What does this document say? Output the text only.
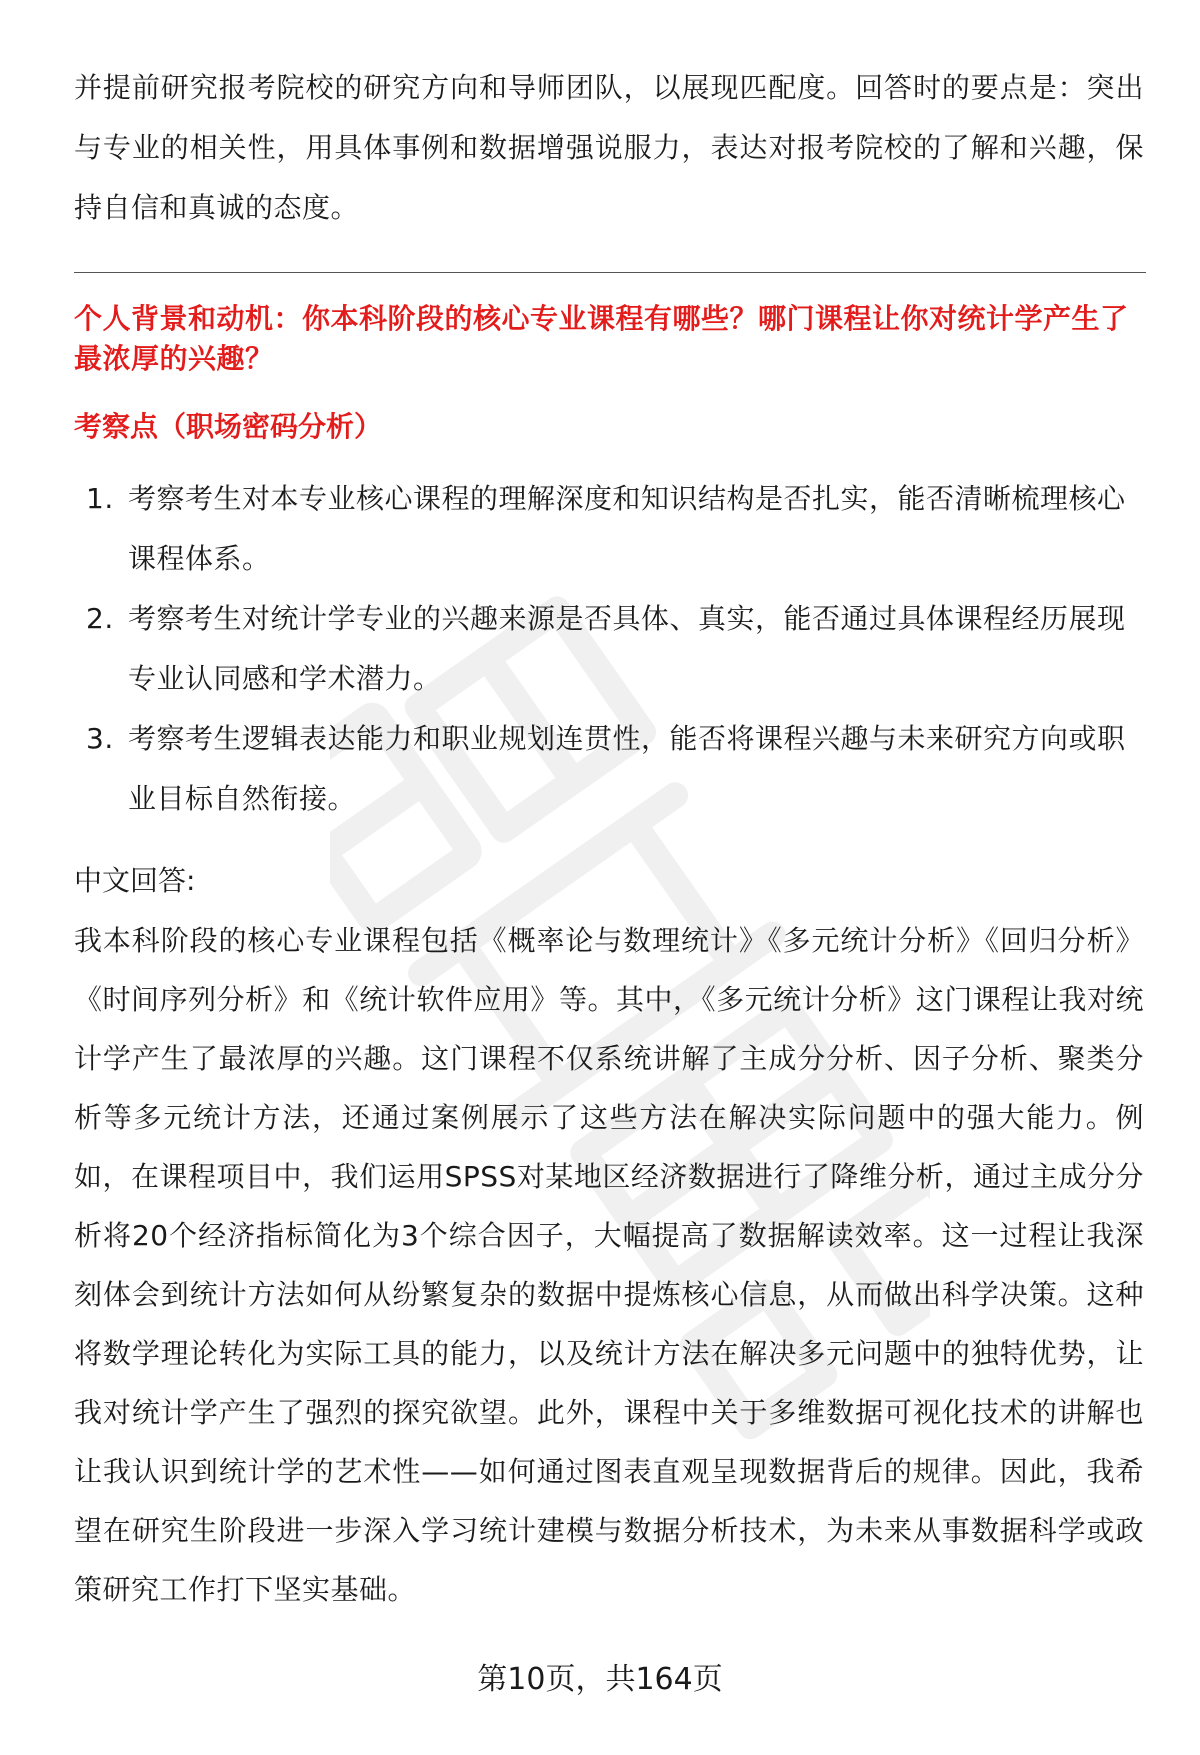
并提前研究报考院校的研究方向和导师团队，以展现匹配度。回答时的要点是：突出与专业的相关性，用具体事例和数据增强说服力，表达对报考院校的了解和兴趣，保持自信和真诚的态度。

个人背景和动机：你本科阶段的核心专业课程有哪些？哪门课程让你对统计学产生了最浓厚的兴趣？

考察点（职场密码分析）

1. 考察考生对本专业核心课程的理解深度和知识结构是否扎实，能否清晰梳理核心课程体系。
2. 考察考生对统计学专业的兴趣来源是否具体、真实，能否通过具体课程经历展现专业认同感和学术潜力。
3. 考察考生逻辑表达能力和职业规划连贯性，能否将课程兴趣与未来研究方向或职业目标自然衔接。

中文回答:

我本科阶段的核心专业课程包括《概率论与数理统计》《多元统计分析》《回归分析》《时间序列分析》和《统计软件应用》等。其中，《多元统计分析》这门课程让我对统计学产生了最浓厚的兴趣。这门课程不仅系统讲解了主成分分析、因子分析、聚类分析等多元统计方法，还通过案例展示了这些方法在解决实际问题中的强大能力。例如，在课程项目中，我们运用SPSS对某地区经济数据进行了降维分析，通过主成分分析将20个经济指标简化为3个综合因子，大幅提高了数据解读效率。这一过程让我深刻体会到统计方法如何从纷繁复杂的数据中提炼核心信息，从而做出科学决策。这种将数学理论转化为实际工具的能力，以及统计方法在解决多元问题中的独特优势，让我对统计学产生了强烈的探究欲望。此外，课程中关于多维数据可视化技术的讲解也让我认识到统计学的艺术性——如何通过图表直观呈现数据背后的规律。因此，我希望在研究生阶段进一步深入学习统计建模与数据分析技术，为未来从事数据科学或政策研究工作打下坚实基础。

第10页，共164页
